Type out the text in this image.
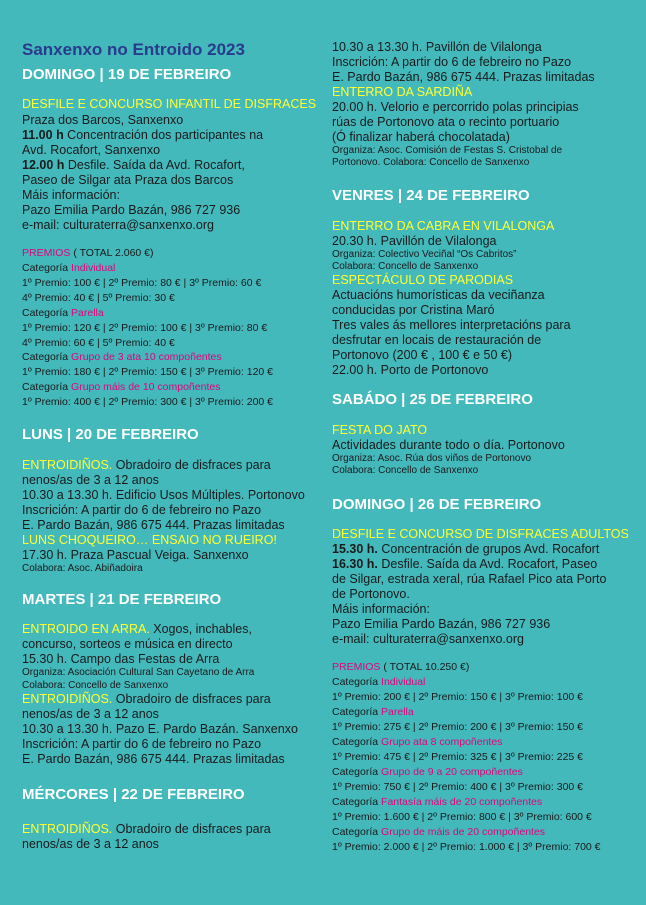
Sanxenxo no Entroido 2023
DOMINGO | 19 DE FEBREIRO
DESFILE E CONCURSO INFANTIL DE DISFRACES
Praza dos Barcos, Sanxenxo
11.00 h Concentración dos participantes na
Avd. Rocafort, Sanxenxo
12.00 h Desfile. Saída da Avd. Rocafort,
Paseo de Silgar ata Praza dos Barcos
Máis información:
Pazo Emilia Pardo Bazán, 986 727 936
e-mail: culturaterra@sanxenxo.org
PREMIOS ( TOTAL 2.060 €)
Categoría Individual
1º Premio: 100 € | 2º Premio: 80 € | 3º Premio: 60 €
4º Premio: 40 € | 5º Premio: 30 €
Categoría Parella
1º Premio: 120 € | 2º Premio: 100 € | 3º Premio: 80 €
4º Premio: 60 € | 5º Premio: 40 €
Categoría Grupo de 3 ata 10 compoñentes
1º Premio: 180 € | 2º Premio: 150 € | 3º Premio: 120 €
Categoría Grupo máis de 10 compoñentes
1º Premio: 400 € | 2º Premio: 300 € | 3º Premio: 200 €
LUNS | 20 DE FEBREIRO
ENTROIDIÑOS. Obradoiro de disfraces para
nenos/as de 3 a 12 anos
10.30 a 13.30 h. Edificio Usos Múltiples. Portonovo
Inscrición: A partir do 6 de febreiro no Pazo
E. Pardo Bazán, 986 675 444. Prazas limitadas
LUNS CHOQUEIRO… ENSAIO NO RUEIRO!
17.30 h. Praza Pascual Veiga. Sanxenxo
Colabora: Asoc. Abiñadoira
MARTES | 21 DE FEBREIRO
ENTROIDO EN ARRA. Xogos, inchables,
concurso, sorteos e música en directo
15.30 h. Campo das Festas de Arra
Organiza: Asociación Cultural San Cayetano de Arra
Colabora: Concello de Sanxenxo
ENTROIDIÑOS. Obradoiro de disfraces para
nenos/as de 3 a 12 anos
10.30 a 13.30 h. Pazo E. Pardo Bazán. Sanxenxo
Inscrición: A partir do 6 de febreiro no Pazo
E. Pardo Bazán, 986 675 444. Prazas limitadas
MÉRCORES | 22 DE FEBREIRO
ENTROIDIÑOS. Obradoiro de disfraces para
nenos/as de 3 a 12 anos
10.30 a 13.30 h. Pavillón de Vilalonga
Inscrición: A partir do 6 de febreiro no Pazo
E. Pardo Bazán, 986 675 444. Prazas limitadas
ENTERRO DA SARDIÑA
20.00 h. Velorio e percorrido polas principias
rúas de Portonovo ata o recinto portuario
(Ó finalizar haberá chocolatada)
Organiza: Asoc. Comisión de Festas S. Cristobal de
Portonovo. Colabora: Concello de Sanxenxo
VENRES | 24 DE FEBREIRO
ENTERRO DA CABRA EN VILALONGA
20.30 h. Pavillón de Vilalonga
Organiza: Colectivo Veciñal “Os Cabritos”
Colabora: Concello de Sanxenxo
ESPECTÁCULO DE PARODIAS
Actuacións humorísticas da veciñanza
conducidas por Cristina Maró
Tres vales ás mellores interpretacións para
desfrutar en locais de restauración de
Portonovo (200 € , 100 € e 50 €)
22.00 h. Porto de Portonovo
SABÁDO | 25 DE FEBREIRO
FESTA DO JATO
Actividades durante todo o día. Portonovo
Organiza: Asoc. Rúa dos viños de Portonovo
Colabora: Concello de Sanxenxo
DOMINGO | 26 DE FEBREIRO
DESFILE E CONCURSO DE DISFRACES ADULTOS
15.30 h. Concentración de grupos Avd. Rocafort
16.30 h. Desfile. Saída da Avd. Rocafort, Paseo
de Silgar, estrada xeral, rúa Rafael Pico ata Porto
de Portonovo.
Máis información:
Pazo Emilia Pardo Bazán, 986 727 936
e-mail: culturaterra@sanxenxo.org
PREMIOS ( TOTAL 10.250 €)
Categoría Individual
1º Premio: 200 € | 2º Premio: 150 € | 3º Premio: 100 €
Categoría Parella
1º Premio: 275 € | 2º Premio: 200 € | 3º Premio: 150 €
Categoría Grupo ata 8 compoñentes
1º Premio: 475 € | 2º Premio: 325 € | 3º Premio: 225 €
Categoría Grupo de 9 a 20 compoñentes
1º Premio: 750 € | 2º Premio: 400 € | 3º Premio: 300 €
Categoría Fantasía máis de 20 compoñentes
1º Premio: 1.600 € | 2º Premio: 800 € | 3º Premio: 600 €
Categoría Grupo de máis de 20 compoñentes
1º Premio: 2.000 € | 2º Premio: 1.000 € | 3º Premio: 700 €
